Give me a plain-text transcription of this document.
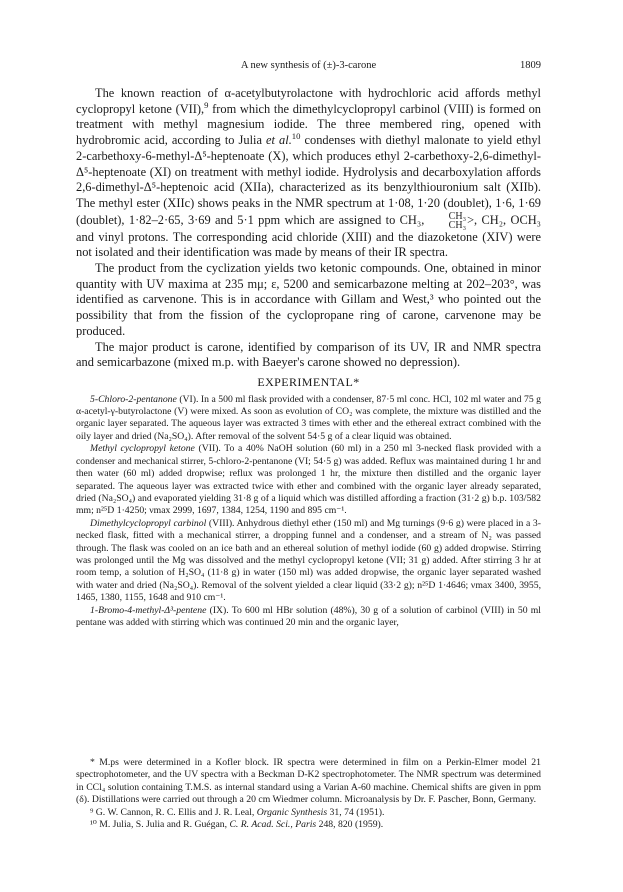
A new synthesis of (±)-3-carone	1809

The known reaction of α-acetylbutyrolactone with hydrochloric acid affords methyl cyclopropyl ketone (VII),$^9$ from which the dimethylcyclopropyl carbinol (VIII) is formed on treatment with methyl magnesium iodide. The three membered ring, opened with hydrobromic acid, according to Julia et al.$^{10}$ condenses with diethyl malonate to yield ethyl 2-carbethoxy-6-methyl-Δ⁵-heptenoate (X), which produces ethyl 2-carbethoxy-2,6-dimethyl-Δ⁵-heptenoate (XI) on treatment with methyl iodide. Hydrolysis and decarboxylation affords 2,6-dimethyl-Δ⁵-heptenoic acid (XIIa), characterized as its benzylthiouronium salt (XIIb). The methyl ester (XIIc) shows peaks in the NMR spectrum at 1·08, 1·20 (doublet), 1·6, 1·69 (doublet), 1·82–2·65, 3·69 and 5·1 ppm which are assigned to CH₃,	CH₃
CH₃ >, CH₂, OCH₃ and vinyl protons. The corresponding acid chloride (XIII) and the diazoketone (XIV) were not isolated and their identification was made by means of their IR spectra.

The product from the cyclization yields two ketonic compounds. One, obtained in minor quantity with UV maxima at 235 mμ; ε, 5200 and semicarbazone melting at 202–203°, was identified as carvenone. This is in accordance with Gillam and West,³ who pointed out the possibility that from the fission of the cyclopropane ring of carone, carvenone may be produced.

The major product is carone, identified by comparison of its UV, IR and NMR spectra and semicarbazone (mixed m.p. with Baeyer's carone showed no depression).

EXPERIMENTAL*

5-Chloro-2-pentanone (VI). In a 500 ml flask provided with a condenser, 87·5 ml conc. HCl, 102 ml water and 75 g α-acetyl-γ-butyrolactone (V) were mixed. As soon as evolution of CO₂ was complete, the mixture was distilled and the organic layer separated. The aqueous layer was extracted 3 times with ether and the ethereal extract combined with the oily layer and dried (Na₂SO₄). After removal of the solvent 54·5 g of a clear liquid was obtained.

Methyl cyclopropyl ketone (VII). To a 40% NaOH solution (60 ml) in a 250 ml 3-necked flask provided with a condenser and mechanical stirrer, 5-chloro-2-pentanone (VI; 54·5 g) was added. Reflux was maintained during 1 hr and then water (60 ml) added dropwise; reflux was prolonged 1 hr, the mixture then distilled and the organic layer separated. The aqueous layer was extracted twice with ether and combined with the organic layer already separated, dried (Na₂SO₄) and evaporated yielding 31·8 g of a liquid which was distilled affording a fraction (31·2 g) b.p. 103/582 mm; n²⁵D 1·4250; νmax 2999, 1697, 1384, 1254, 1190 and 895 cm⁻¹.

Dimethylcyclopropyl carbinol (VIII). Anhydrous diethyl ether (150 ml) and Mg turnings (9·6 g) were placed in a 3-necked flask, fitted with a mechanical stirrer, a dropping funnel and a condenser, and a stream of N₂ was passed through. The flask was cooled on an ice bath and an ethereal solution of methyl iodide (60 g) added dropwise. Stirring was prolonged until the Mg was dissolved and the methyl cyclopropyl ketone (VII; 31 g) added. After stirring 3 hr at room temp, a solution of H₂SO₄ (11·8 g) in water (150 ml) was added dropwise, the organic layer separated washed with water and dried (Na₂SO₄). Removal of the solvent yielded a clear liquid (33·2 g); n²⁵D 1·4646; νmax 3400, 3955, 1465, 1380, 1155, 1648 and 910 cm⁻¹.

1-Bromo-4-methyl-Δ³-pentene (IX). To 600 ml HBr solution (48%), 30 g of a solution of carbinol (VIII) in 50 ml pentane was added with stirring which was continued 20 min and the organic layer,

* M.ps were determined in a Kofler block. IR spectra were determined in film on a Perkin-Elmer model 21 spectrophotometer, and the UV spectra with a Beckman D-K2 spectrophotometer. The NMR spectrum was determined in CCl₄ solution containing T.M.S. as internal standard using a Varian A-60 machine. Chemical shifts are given in ppm (δ). Distillations were carried out through a 20 cm Wiedmer column. Microanalysis by Dr. F. Pascher, Bonn, Germany.

⁹ G. W. Cannon, R. C. Ellis and J. R. Leal, Organic Synthesis 31, 74 (1951).

¹⁰ M. Julia, S. Julia and R. Guégan, C. R. Acad. Sci., Paris 248, 820 (1959).
